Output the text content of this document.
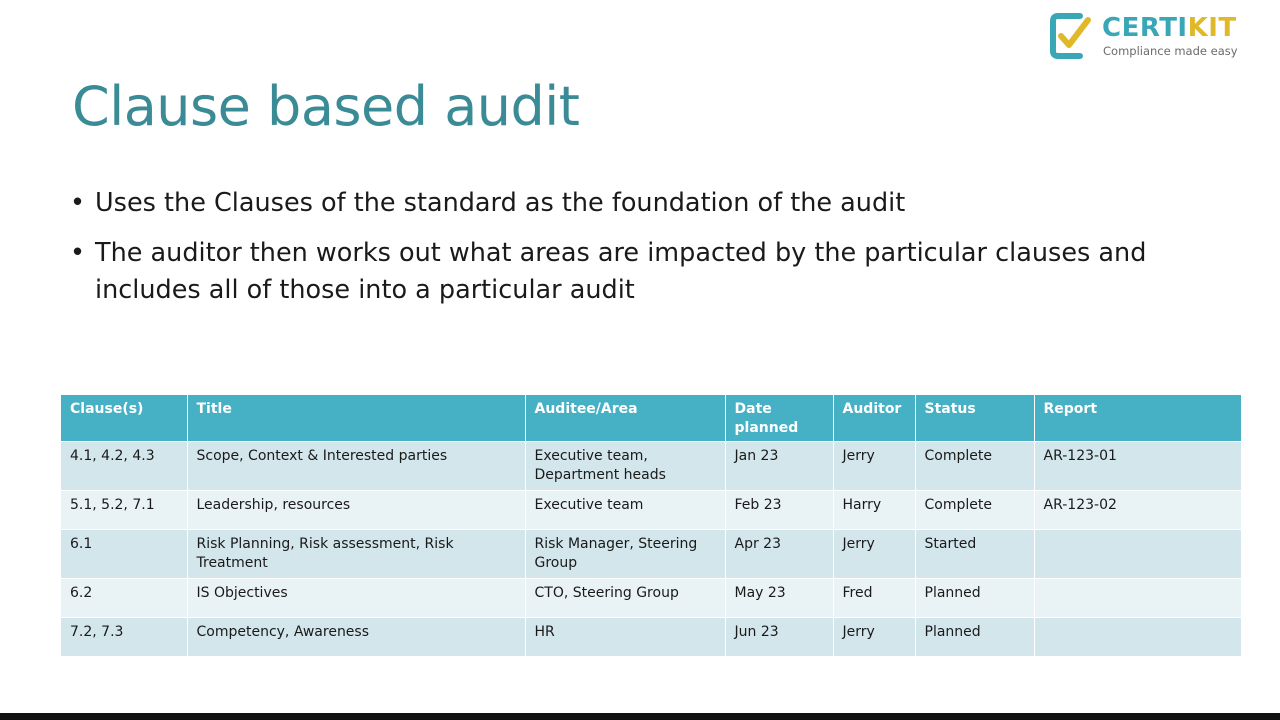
CERTIKIT
Compliance made easy
Clause based audit
• Uses the Clauses of the standard as the foundation of the audit
• The auditor then works out what areas are impacted by the particular clauses and includes all of those into a particular audit
Clause(s)	Title	Auditee/Area	Date planned	Auditor	Status	Report
4.1, 4.2, 4.3	Scope, Context & Interested parties	Executive team, Department heads	Jan 23	Jerry	Complete	AR-123-01
5.1, 5.2, 7.1	Leadership, resources	Executive team	Feb 23	Harry	Complete	AR-123-02
6.1	Risk Planning, Risk assessment, Risk Treatment	Risk Manager, Steering Group	Apr 23	Jerry	Started	
6.2	IS Objectives	CTO, Steering Group	May 23	Fred	Planned	
7.2, 7.3	Competency, Awareness	HR	Jun 23	Jerry	Planned	
